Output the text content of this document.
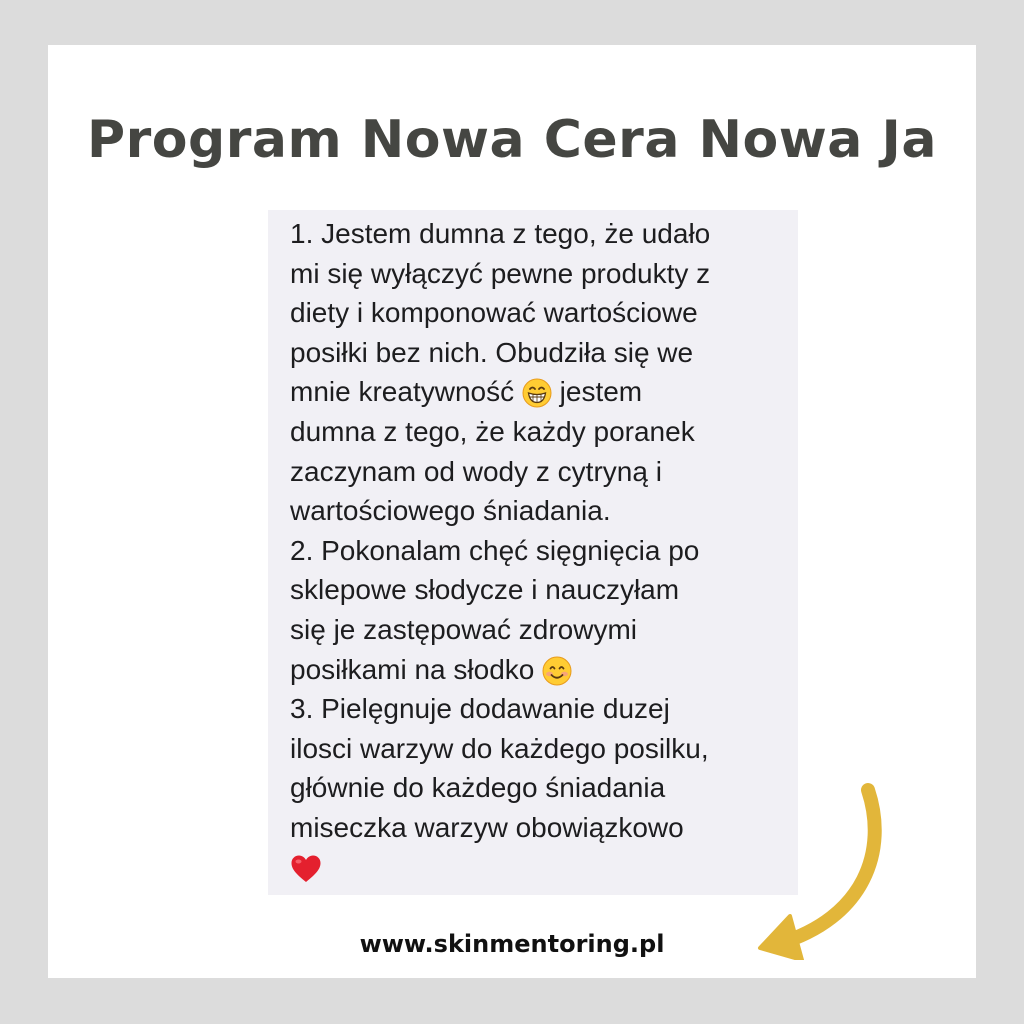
Program Nowa Cera Nowa Ja
1. Jestem dumna z tego, że udało
mi się wyłączyć pewne produkty z
diety i komponować wartościowe
posiłki bez nich. Obudziła się we
mnie kreatywność jestem
dumna z tego, że każdy poranek
zaczynam od wody z cytryną i
wartościowego śniadania.
2. Pokonalam chęć sięgnięcia po
sklepowe słodycze i nauczyłam
się je zastępować zdrowymi
posiłkami na słodko
3. Pielęgnuje dodawanie duzej
ilosci warzyw do każdego posilku,
głównie do każdego śniadania
miseczka warzyw obowiązkowo
www.skinmentoring.pl
